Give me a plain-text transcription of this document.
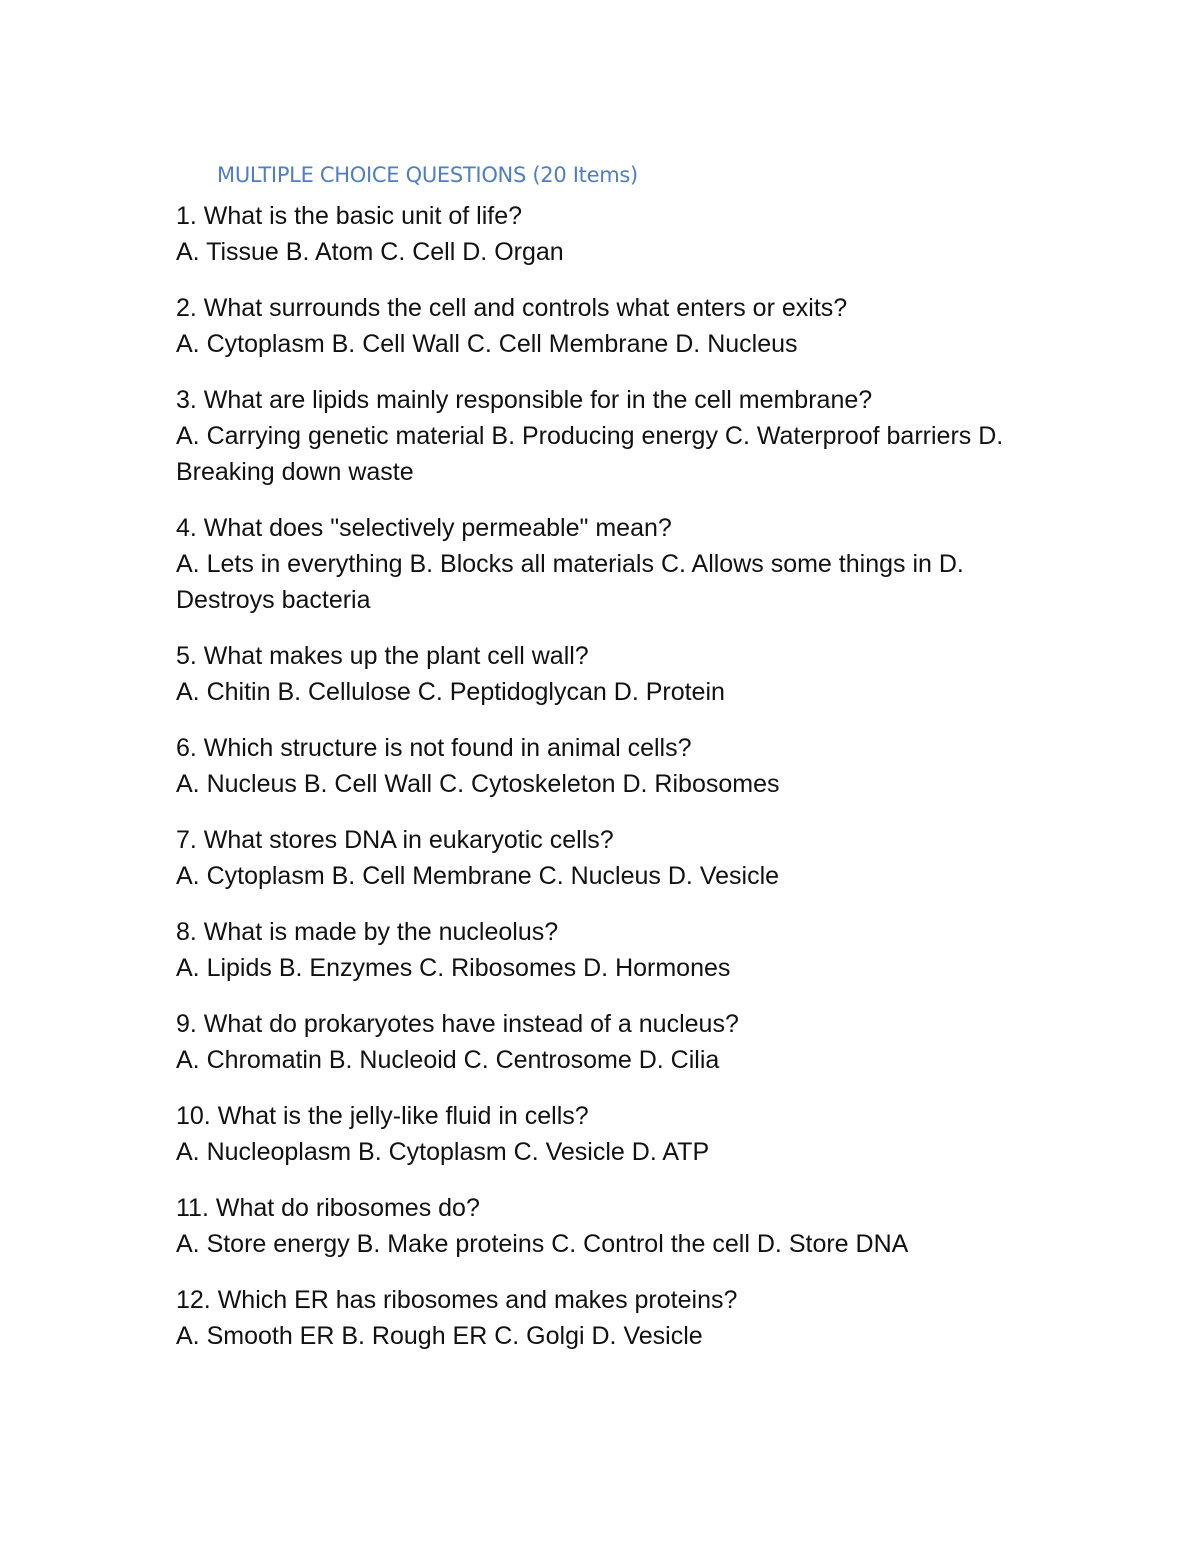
MULTIPLE CHOICE QUESTIONS (20 Items)
1. What is the basic unit of life?
A. Tissue B. Atom C. Cell D. Organ
2. What surrounds the cell and controls what enters or exits?
A. Cytoplasm B. Cell Wall C. Cell Membrane D. Nucleus
3. What are lipids mainly responsible for in the cell membrane?
A. Carrying genetic material B. Producing energy C. Waterproof barriers D. Breaking down waste
4. What does "selectively permeable" mean?
A. Lets in everything B. Blocks all materials C. Allows some things in D. Destroys bacteria
5. What makes up the plant cell wall?
A. Chitin B. Cellulose C. Peptidoglycan D. Protein
6. Which structure is not found in animal cells?
A. Nucleus B. Cell Wall C. Cytoskeleton D. Ribosomes
7. What stores DNA in eukaryotic cells?
A. Cytoplasm B. Cell Membrane C. Nucleus D. Vesicle
8. What is made by the nucleolus?
A. Lipids B. Enzymes C. Ribosomes D. Hormones
9. What do prokaryotes have instead of a nucleus?
A. Chromatin B. Nucleoid C. Centrosome D. Cilia
10. What is the jelly-like fluid in cells?
A. Nucleoplasm B. Cytoplasm C. Vesicle D. ATP
11. What do ribosomes do?
A. Store energy B. Make proteins C. Control the cell D. Store DNA
12. Which ER has ribosomes and makes proteins?
A. Smooth ER B. Rough ER C. Golgi D. Vesicle
